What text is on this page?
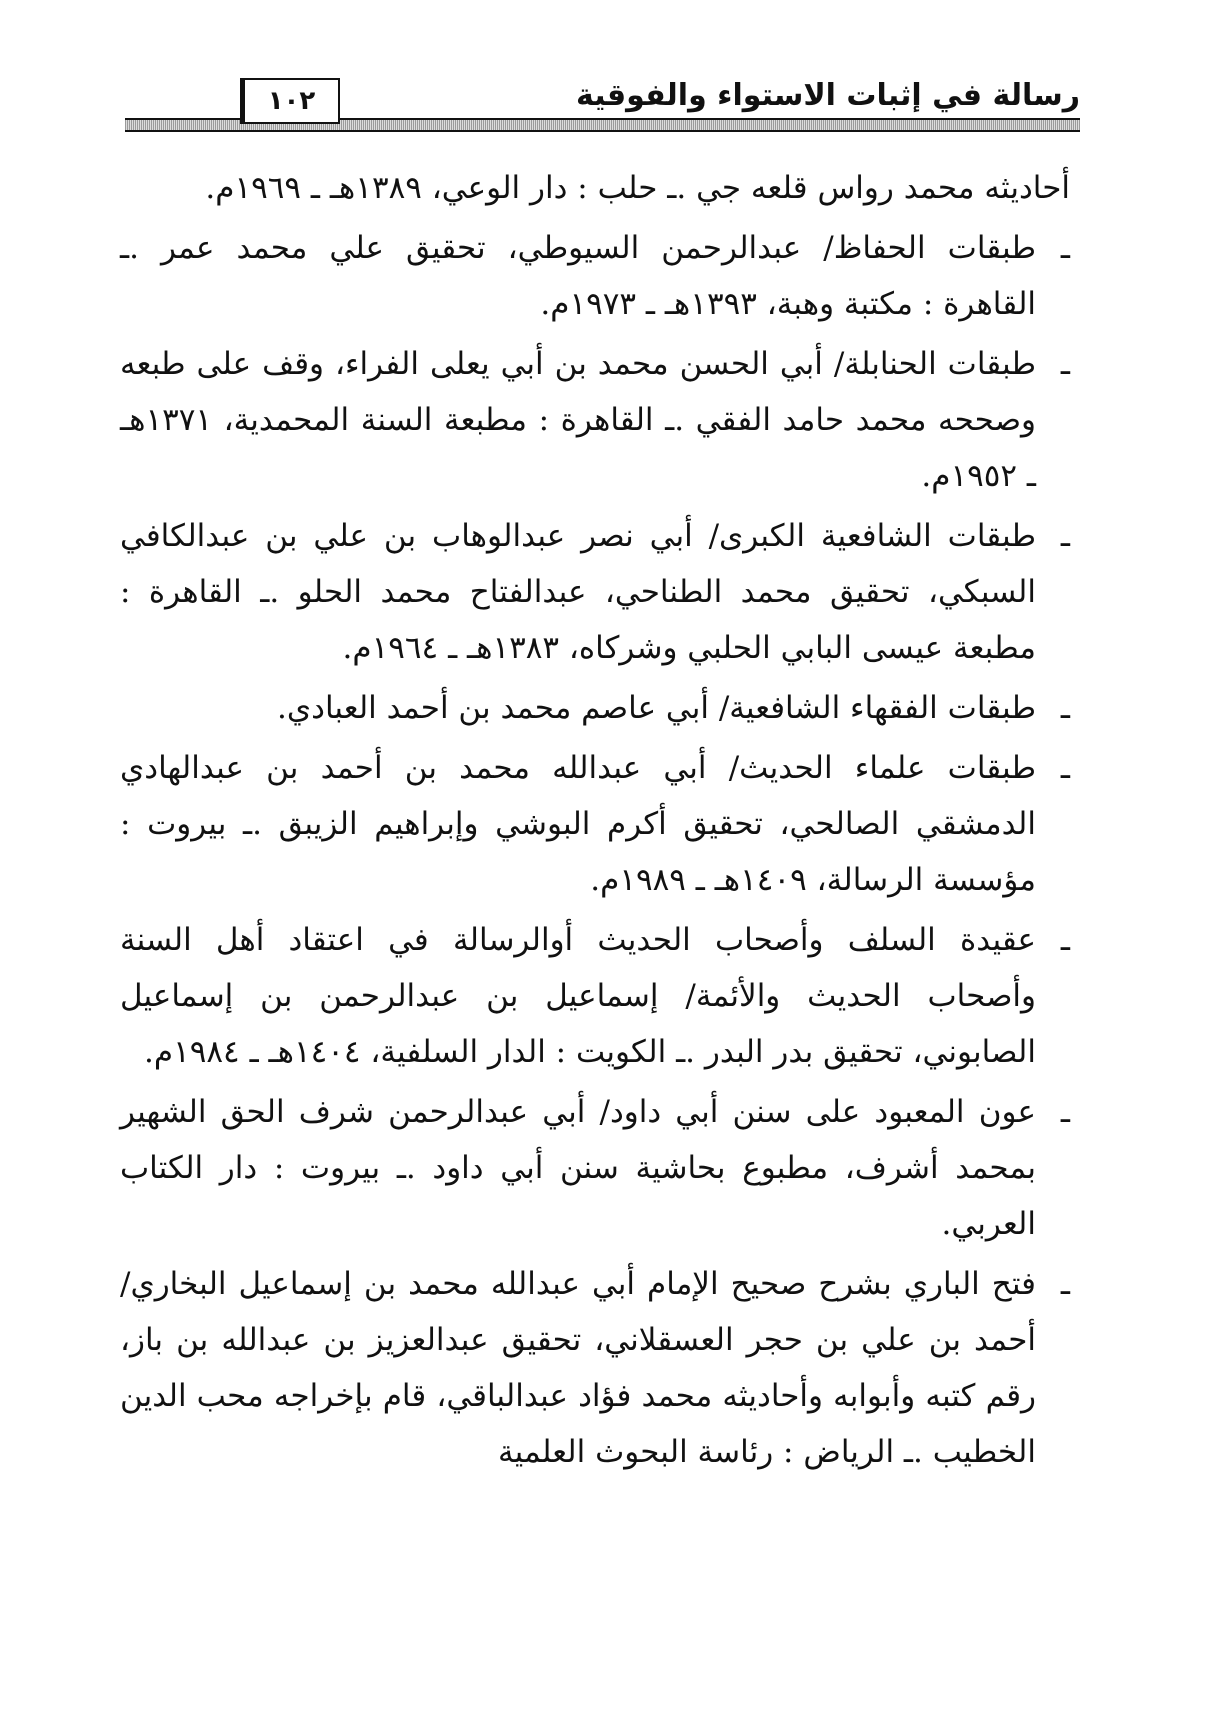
رسالة في إثبات الاستواء والفوقية
١٠٢

أحاديثه محمد رواس قلعه جي .ـ حلب : دار الوعي، ١٣٨٩هـ ـ ١٩٦٩م.

ـ
طبقات الحفاظ/ عبدالرحمن السيوطي، تحقيق علي محمد عمر .ـ القاهرة : مكتبة وهبة، ١٣٩٣هـ ـ ١٩٧٣م.

ـ
طبقات الحنابلة/ أبي الحسن محمد بن أبي يعلى الفراء، وقف على طبعه وصححه محمد حامد الفقي .ـ القاهرة : مطبعة السنة المحمدية، ١٣٧١هـ ـ ١٩٥٢م.

ـ
طبقات الشافعية الكبرى/ أبي نصر عبدالوهاب بن علي بن عبدالكافي السبكي، تحقيق محمد الطناحي، عبدالفتاح محمد الحلو .ـ القاهرة : مطبعة عيسى البابي الحلبي وشركاه، ١٣٨٣هـ ـ ١٩٦٤م.

ـ
طبقات الفقهاء الشافعية/ أبي عاصم محمد بن أحمد العبادي.

ـ
طبقات علماء الحديث/ أبي عبدالله محمد بن أحمد بن عبدالهادي الدمشقي الصالحي، تحقيق أكرم البوشي وإبراهيم الزيبق .ـ بيروت : مؤسسة الرسالة، ١٤٠٩هـ ـ ١٩٨٩م.

ـ
عقيدة السلف وأصحاب الحديث أوالرسالة في اعتقاد أهل السنة وأصحاب الحديث والأئمة/ إسماعيل بن عبدالرحمن بن إسماعيل الصابوني، تحقيق بدر البدر .ـ الكويت : الدار السلفية، ١٤٠٤هـ ـ ١٩٨٤م.

ـ
عون المعبود على سنن أبي داود/ أبي عبدالرحمن شرف الحق الشهير بمحمد أشرف، مطبوع بحاشية سنن أبي داود .ـ بيروت : دار الكتاب العربي.

ـ
فتح الباري بشرح صحيح الإمام أبي عبدالله محمد بن إسماعيل البخاري/ أحمد بن علي بن حجر العسقلاني، تحقيق عبدالعزيز بن عبدالله بن باز، رقم كتبه وأبوابه وأحاديثه محمد فؤاد عبدالباقي، قام بإخراجه محب الدين الخطيب .ـ الرياض : رئاسة البحوث العلمية
